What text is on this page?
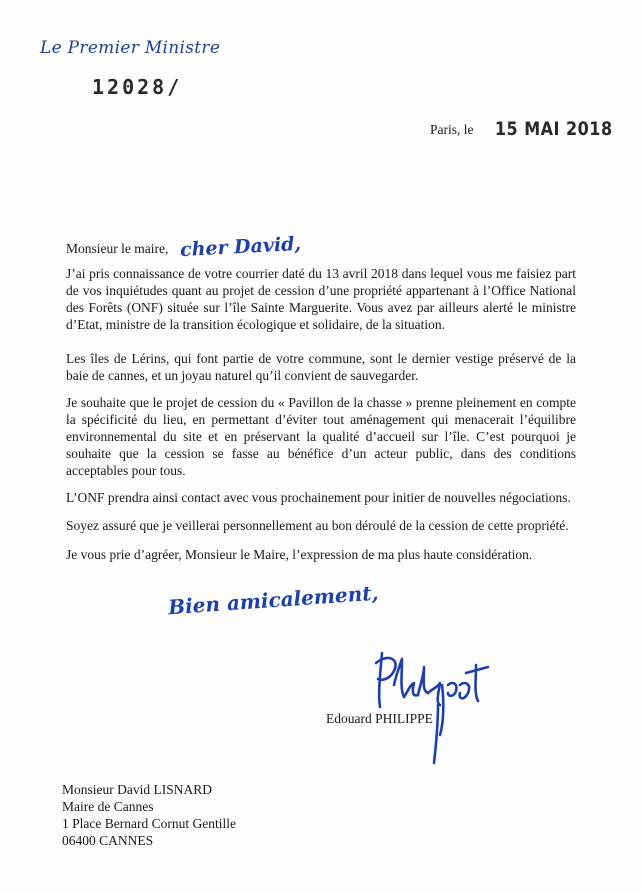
Le Premier Ministre
12028/
Paris, le 15 MAI 2018
Monsieur le maire, cher David,

J’ai pris connaissance de votre courrier daté du 13 avril 2018 dans lequel vous me faisiez part de vos inquiétudes quant au projet de cession d’une propriété appartenant à l’Office National des Forêts (ONF) située sur l’île Sainte Marguerite. Vous avez par ailleurs alerté le ministre d’Etat, ministre de la transition écologique et solidaire, de la situation.

Les îles de Lérins, qui font partie de votre commune, sont le dernier vestige préservé de la baie de cannes, et un joyau naturel qu’il convient de sauvegarder.

Je souhaite que le projet de cession du « Pavillon de la chasse » prenne pleinement en compte la spécificité du lieu, en permettant d’éviter tout aménagement qui menacerait l’équilibre environnemental du site et en préservant la qualité d’accueil sur l’île. C’est pourquoi je souhaite que la cession se fasse au bénéfice d’un acteur public, dans des conditions acceptables pour tous.

L’ONF prendra ainsi contact avec vous prochainement pour initier de nouvelles négociations.

Soyez assuré que je veillerai personnellement au bon déroulé de la cession de cette propriété.

Je vous prie d’agréer, Monsieur le Maire, l’expression de ma plus haute considération.

Bien amicalement,
Edouard PHILIPPE
Monsieur David LISNARD
Maire de Cannes
1 Place Bernard Cornut Gentille
06400 CANNES
